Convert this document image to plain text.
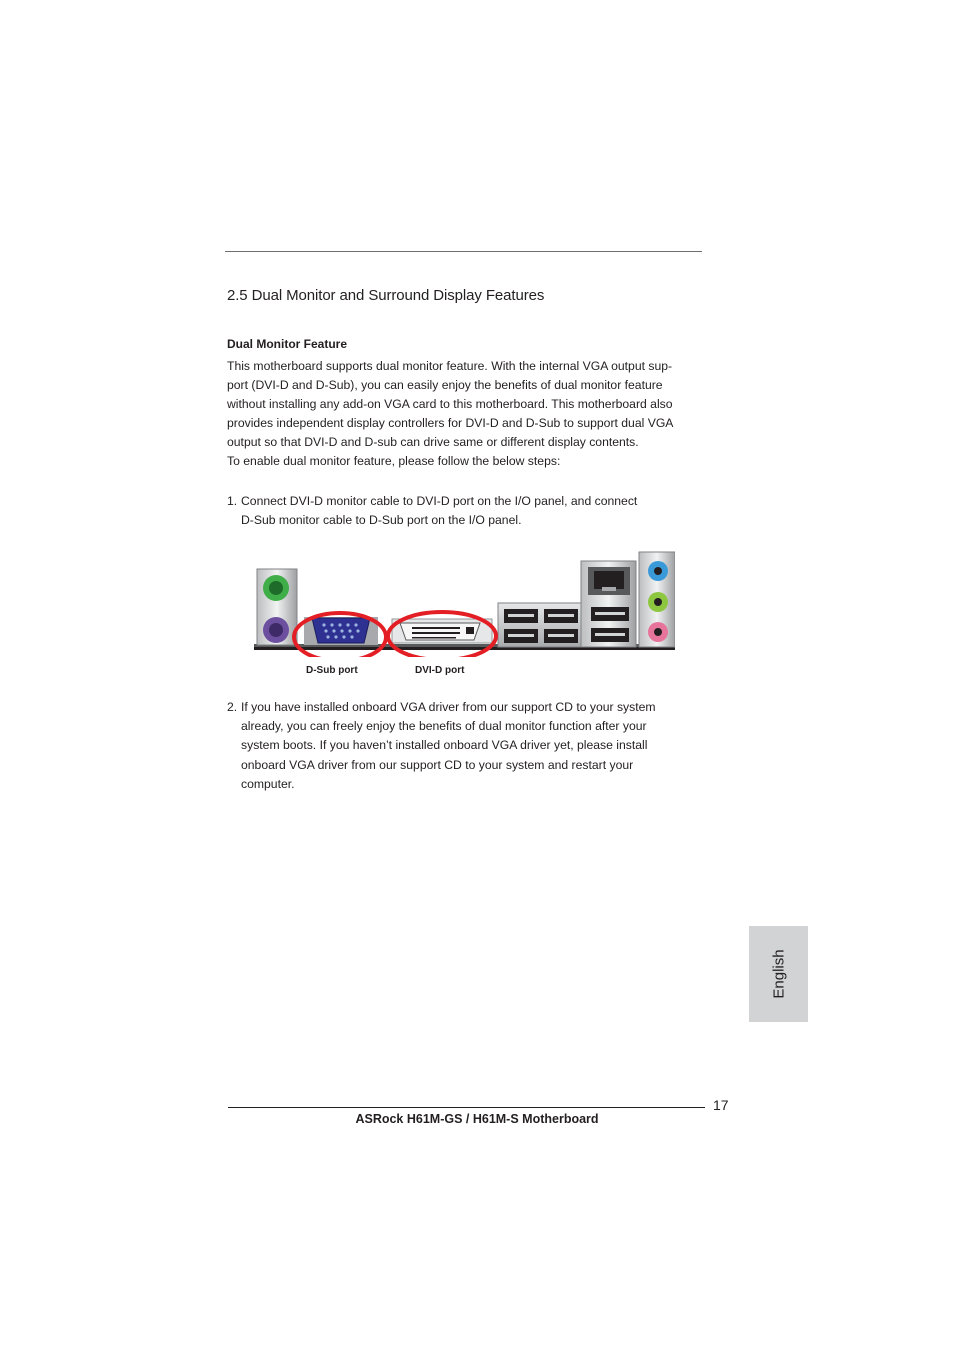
2.5 Dual Monitor and Surround Display Features
Dual Monitor Feature

This motherboard supports dual monitor feature. With the internal VGA output sup-
port (DVI-D and D-Sub), you can easily enjoy the benefits of dual monitor feature
without installing any add-on VGA card to this motherboard. This motherboard also
provides independent display controllers for DVI-D and D-Sub to support dual VGA
output so that DVI-D and D-sub can drive same or different display contents.
To enable dual monitor feature, please follow the below steps:

1. Connect DVI-D monitor cable to DVI-D port on the I/O panel, and connect
D-Sub monitor cable to D-Sub port on the I/O panel.

D-Sub port	DVI-D port

2. If you have installed onboard VGA driver from our support CD to your system
already, you can freely enjoy the benefits of dual monitor function after your
system boots. If you haven’t installed onboard VGA driver yet, please install
onboard VGA driver from our support CD to your system and restart your
computer.
English

17

ASRock H61M-GS / H61M-S Motherboard
